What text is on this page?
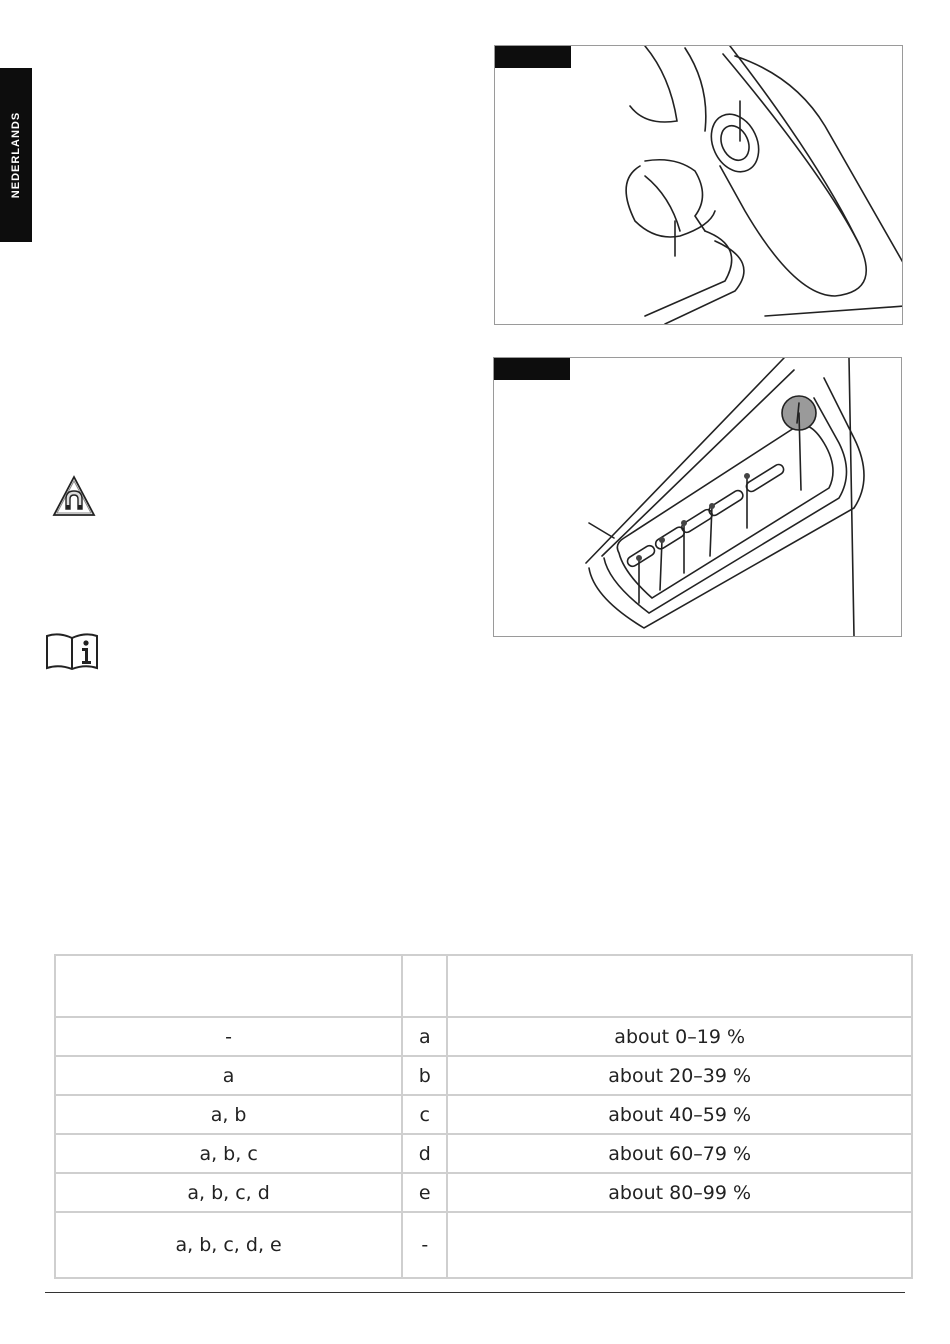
NEDERLANDS

-	a	about 0–19 %
a	b	about 20–39 %
a, b	c	about 40–59 %
a, b, c	d	about 60–79 %
a, b, c, d	e	about 80–99 %
a, b, c, d, e	-	
